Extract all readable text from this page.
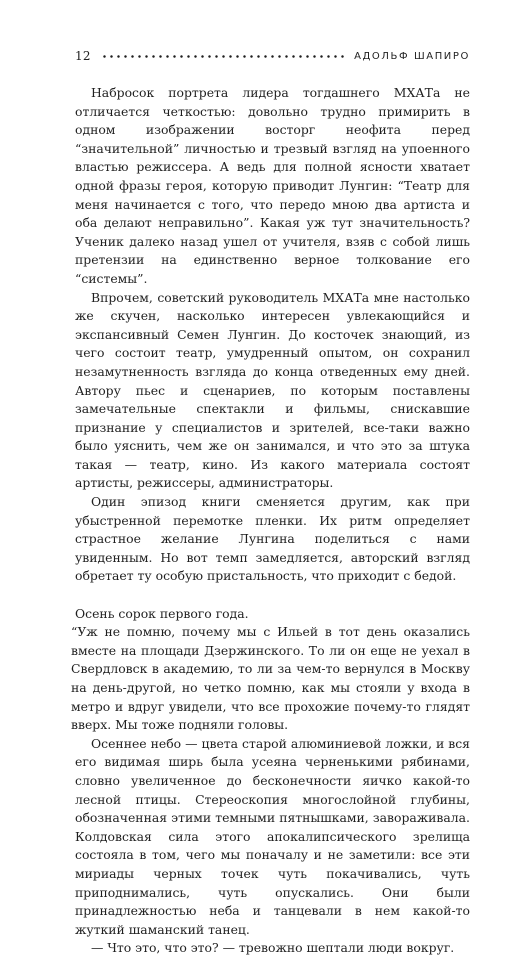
12	АДОЛЬФ ШАПИРО

Набросок портрета лидера тогдашнего МХАТа не отличается четкостью: довольно трудно примирить в одном изображении восторг неофита перед “значительной” личностью и трезвый взгляд на упоенного властью режиссера. А ведь для полной ясности хватает одной фразы героя, которую приводит Лунгин: “Театр для меня начинается с того, что передо мною два артиста и оба делают неправильно”. Какая уж тут значительность? Ученик далеко назад ушел от учителя, взяв с собой лишь претензии на единственно верное толкование его “системы”.

Впрочем, советский руководитель МХАТа мне настолько же скучен, насколько интересен увлекающийся и экспансивный Семен Лунгин. До косточек знающий, из чего состоит театр, умудренный опытом, он сохранил незамутненность взгляда до конца отведенных ему дней. Автору пьес и сценариев, по которым поставлены замечательные спектакли и фильмы, снискавшие признание у специалистов и зрителей, все-таки важно было уяснить, чем же он занимался, и что это за штука такая — театр, кино. Из какого материала состоят артисты, режиссеры, администраторы.

Один эпизод книги сменяется другим, как при убыстренной перемотке пленки. Их ритм определяет страстное желание Лунгина поделиться с нами увиденным. Но вот темп замедляется, авторский взгляд обретает ту особую пристальность, что приходит с бедой.

Осень сорок первого года.

“Уж не помню, почему мы с Ильей в тот день оказались вместе на площади Дзержинского. То ли он еще не уехал в Свердловск в академию, то ли за чем-то вернулся в Москву на день-другой, но четко помню, как мы стояли у входа в метро и вдруг увидели, что все прохожие почему-то глядят вверх. Мы тоже подняли головы.

Осеннее небо — цвета старой алюминиевой ложки, и вся его видимая ширь была усеяна черненькими рябинами, словно увеличенное до бесконечности яичко какой-то лесной птицы. Стереоскопия многослойной глубины, обозначенная этими темными пятнышками, завораживала. Колдовская сила этого апокалипсического зрелища состояла в том, чего мы поначалу и не заметили: все эти мириады черных точек чуть покачивались, чуть приподнимались, чуть опускались. Они были принадлежностью неба и танцевали в нем какой-то жуткий шаманский танец.

— Что это, что это? — тревожно шептали люди вокруг.
